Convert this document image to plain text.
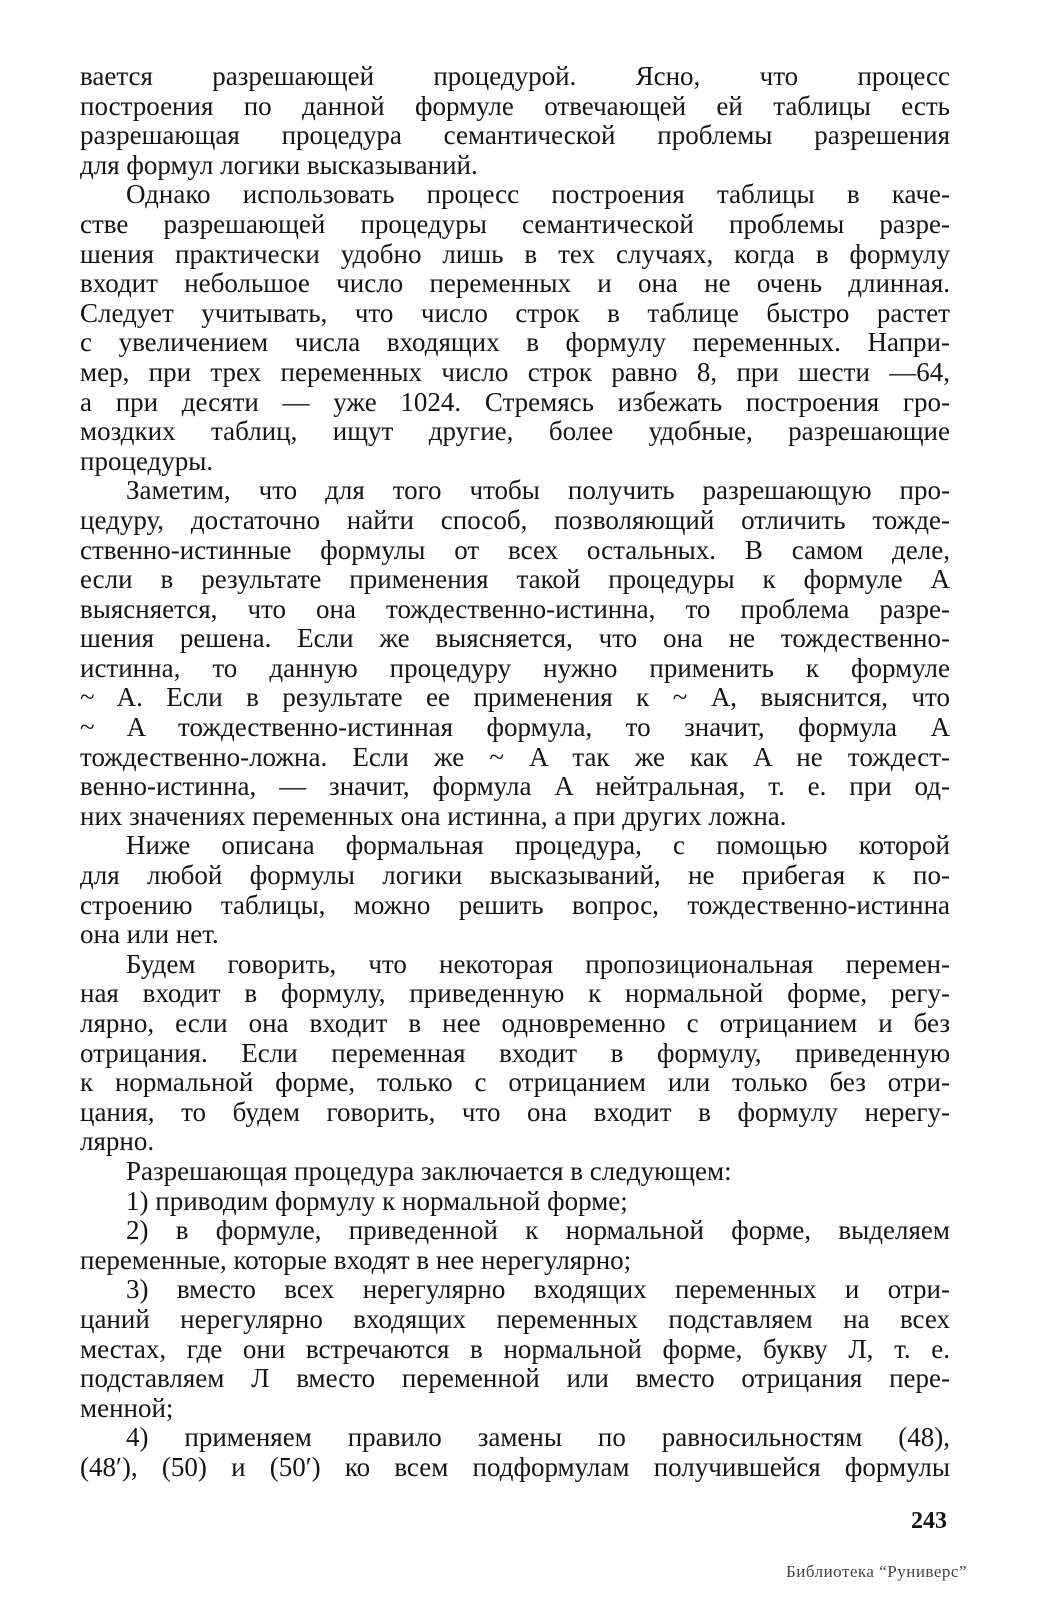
вается разрешающей процедурой. Ясно, что процесс
построения по данной формуле отвечающей ей таблицы есть
разрешающая процедура семантической проблемы разрешения
для формул логики высказываний.
Однако использовать процесс построения таблицы в каче-
стве разрешающей процедуры семантической проблемы разре-
шения практически удобно лишь в тех случаях, когда в формулу
входит небольшое число переменных и она не очень длинная.
Следует учитывать, что число строк в таблице быстро растет
с увеличением числа входящих в формулу переменных. Напри-
мер, при трех переменных число строк равно 8, при шести —64,
а при десяти — уже 1024. Стремясь избежать построения гро-
моздких таблиц, ищут другие, более удобные, разрешающие
процедуры.
Заметим, что для того чтобы получить разрешающую про-
цедуру, достаточно найти способ, позволяющий отличить тожде-
ственно-истинные формулы от всех остальных. В самом деле,
если в результате применения такой процедуры к формуле A
выясняется, что она тождественно-истинна, то проблема разре-
шения решена. Если же выясняется, что она не тождественно-
истинна, то данную процедуру нужно применить к формуле
~ A. Если в результате ее применения к ~ A, выяснится, что
~ A тождественно-истинная формула, то значит, формула A
тождественно-ложна. Если же ~ A так же как A не тождест-
венно-истинна, — значит, формула A нейтральная, т. е. при од-
них значениях переменных она истинна, а при других ложна.
Ниже описана формальная процедура, с помощью которой
для любой формулы логики высказываний, не прибегая к по-
строению таблицы, можно решить вопрос, тождественно-истинна
она или нет.
Будем говорить, что некоторая пропозициональная перемен-
ная входит в формулу, приведенную к нормальной форме, регу-
лярно, если она входит в нее одновременно с отрицанием и без
отрицания. Если переменная входит в формулу, приведенную
к нормальной форме, только с отрицанием или только без отри-
цания, то будем говорить, что она входит в формулу нерегу-
лярно.
Разрешающая процедура заключается в следующем:
1) приводим формулу к нормальной форме;
2) в формуле, приведенной к нормальной форме, выделяем
переменные, которые входят в нее нерегулярно;
3) вместо всех нерегулярно входящих переменных и отри-
цаний нерегулярно входящих переменных подставляем на всех
местах, где они встречаются в нормальной форме, букву Л, т. е.
подставляем Л вместо переменной или вместо отрицания пере-
менной;
4) применяем правило замены по равносильностям (48),
(48′), (50) и (50′) ко всем подформулам получившейся формулы
243
Библиотека “Руниверс”
